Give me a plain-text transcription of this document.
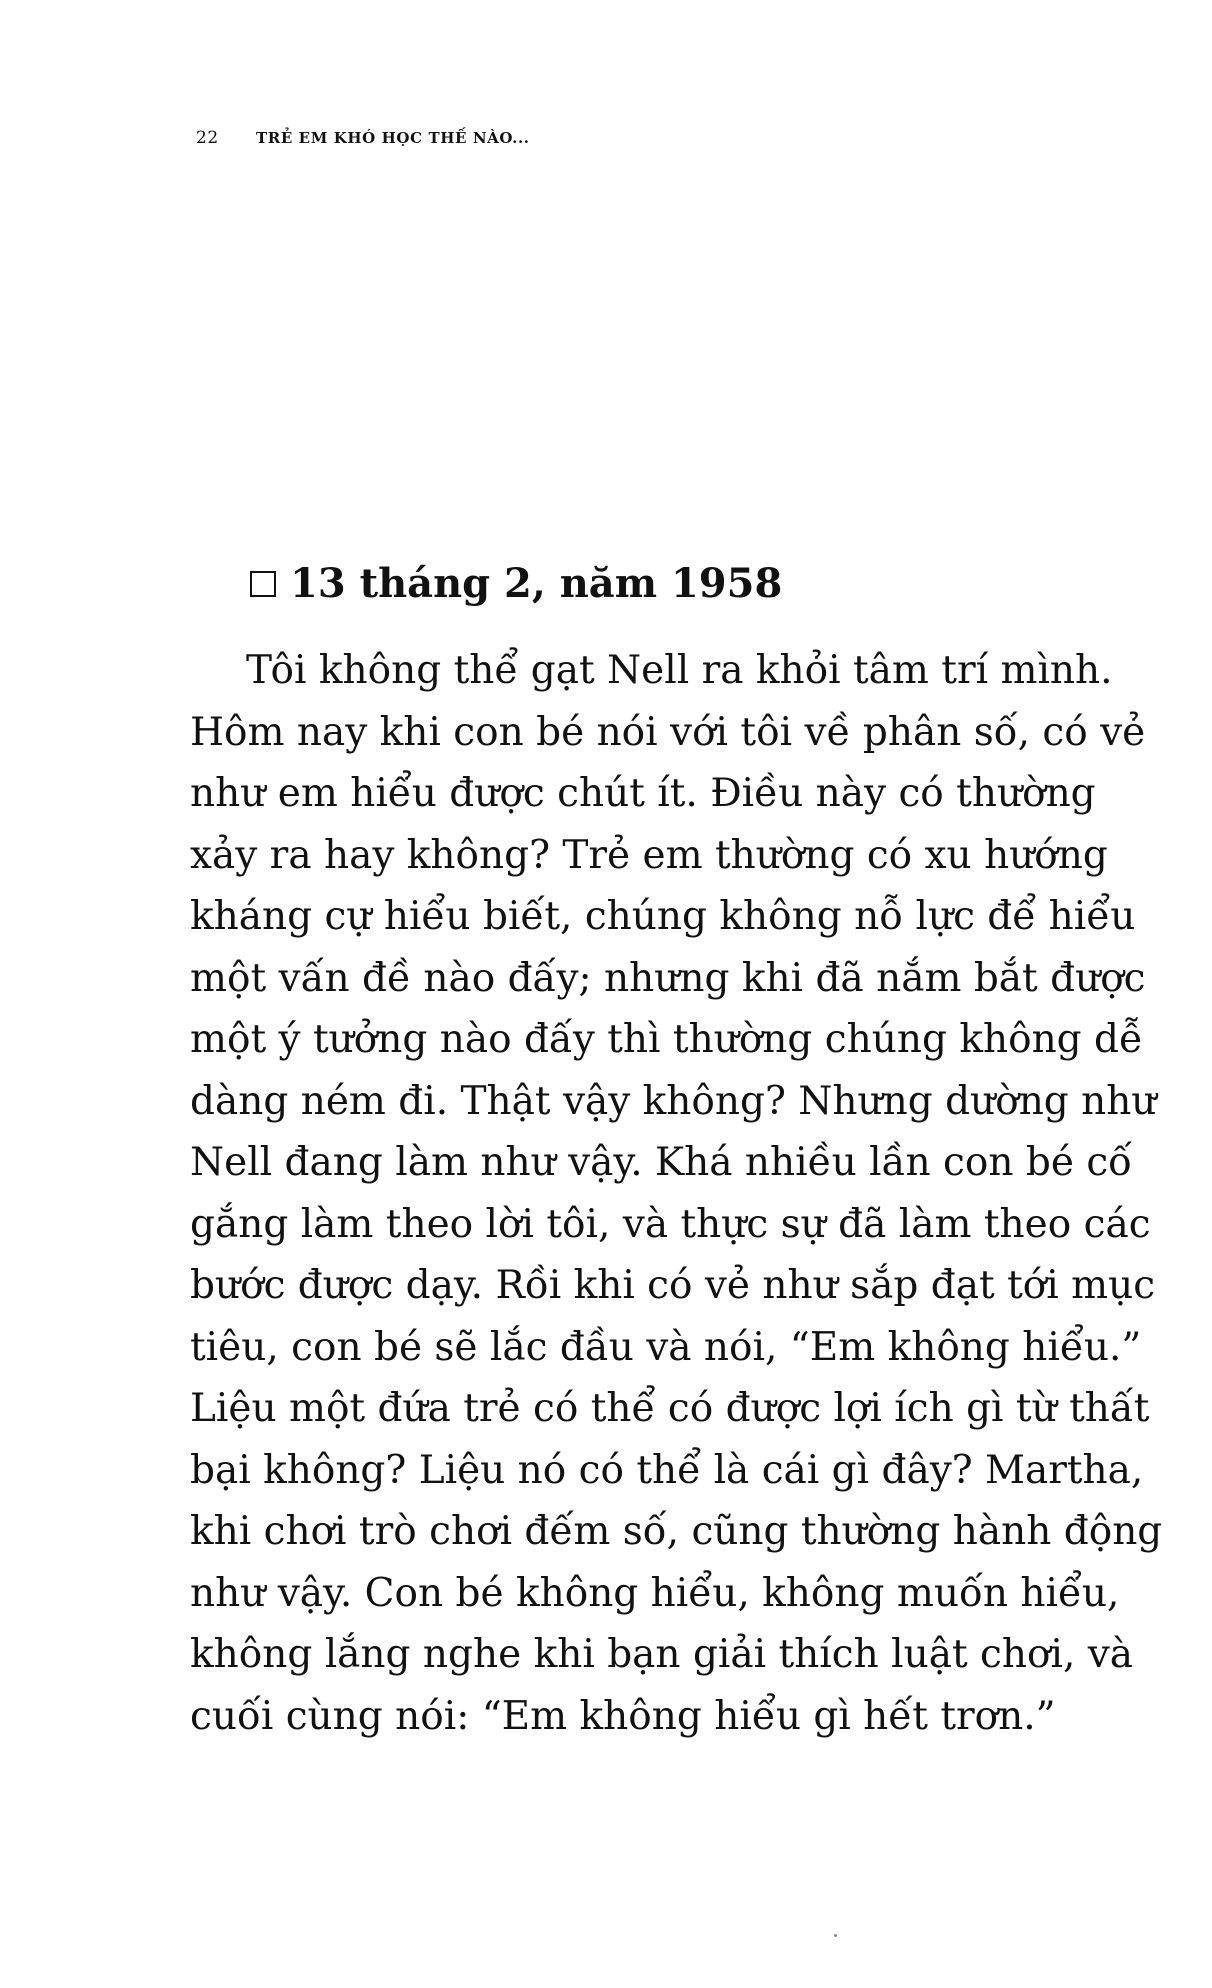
22 TRẺ EM KHÓ HỌC THẾ NÀO...
13 tháng 2, năm 1958

Tôi không thể gạt Nell ra khỏi tâm trí mình.
Hôm nay khi con bé nói với tôi về phân số, có vẻ
như em hiểu được chút ít. Điều này có thường
xảy ra hay không? Trẻ em thường có xu hướng
kháng cự hiểu biết, chúng không nỗ lực để hiểu
một vấn đề nào đấy; nhưng khi đã nắm bắt được
một ý tưởng nào đấy thì thường chúng không dễ
dàng ném đi. Thật vậy không? Nhưng dường như
Nell đang làm như vậy. Khá nhiều lần con bé cố
gắng làm theo lời tôi, và thực sự đã làm theo các
bước được dạy. Rồi khi có vẻ như sắp đạt tới mục
tiêu, con bé sẽ lắc đầu và nói, “Em không hiểu.”
Liệu một đứa trẻ có thể có được lợi ích gì từ thất
bại không? Liệu nó có thể là cái gì đây? Martha,
khi chơi trò chơi đếm số, cũng thường hành động
như vậy. Con bé không hiểu, không muốn hiểu,
không lắng nghe khi bạn giải thích luật chơi, và
cuối cùng nói: “Em không hiểu gì hết trơn.”
